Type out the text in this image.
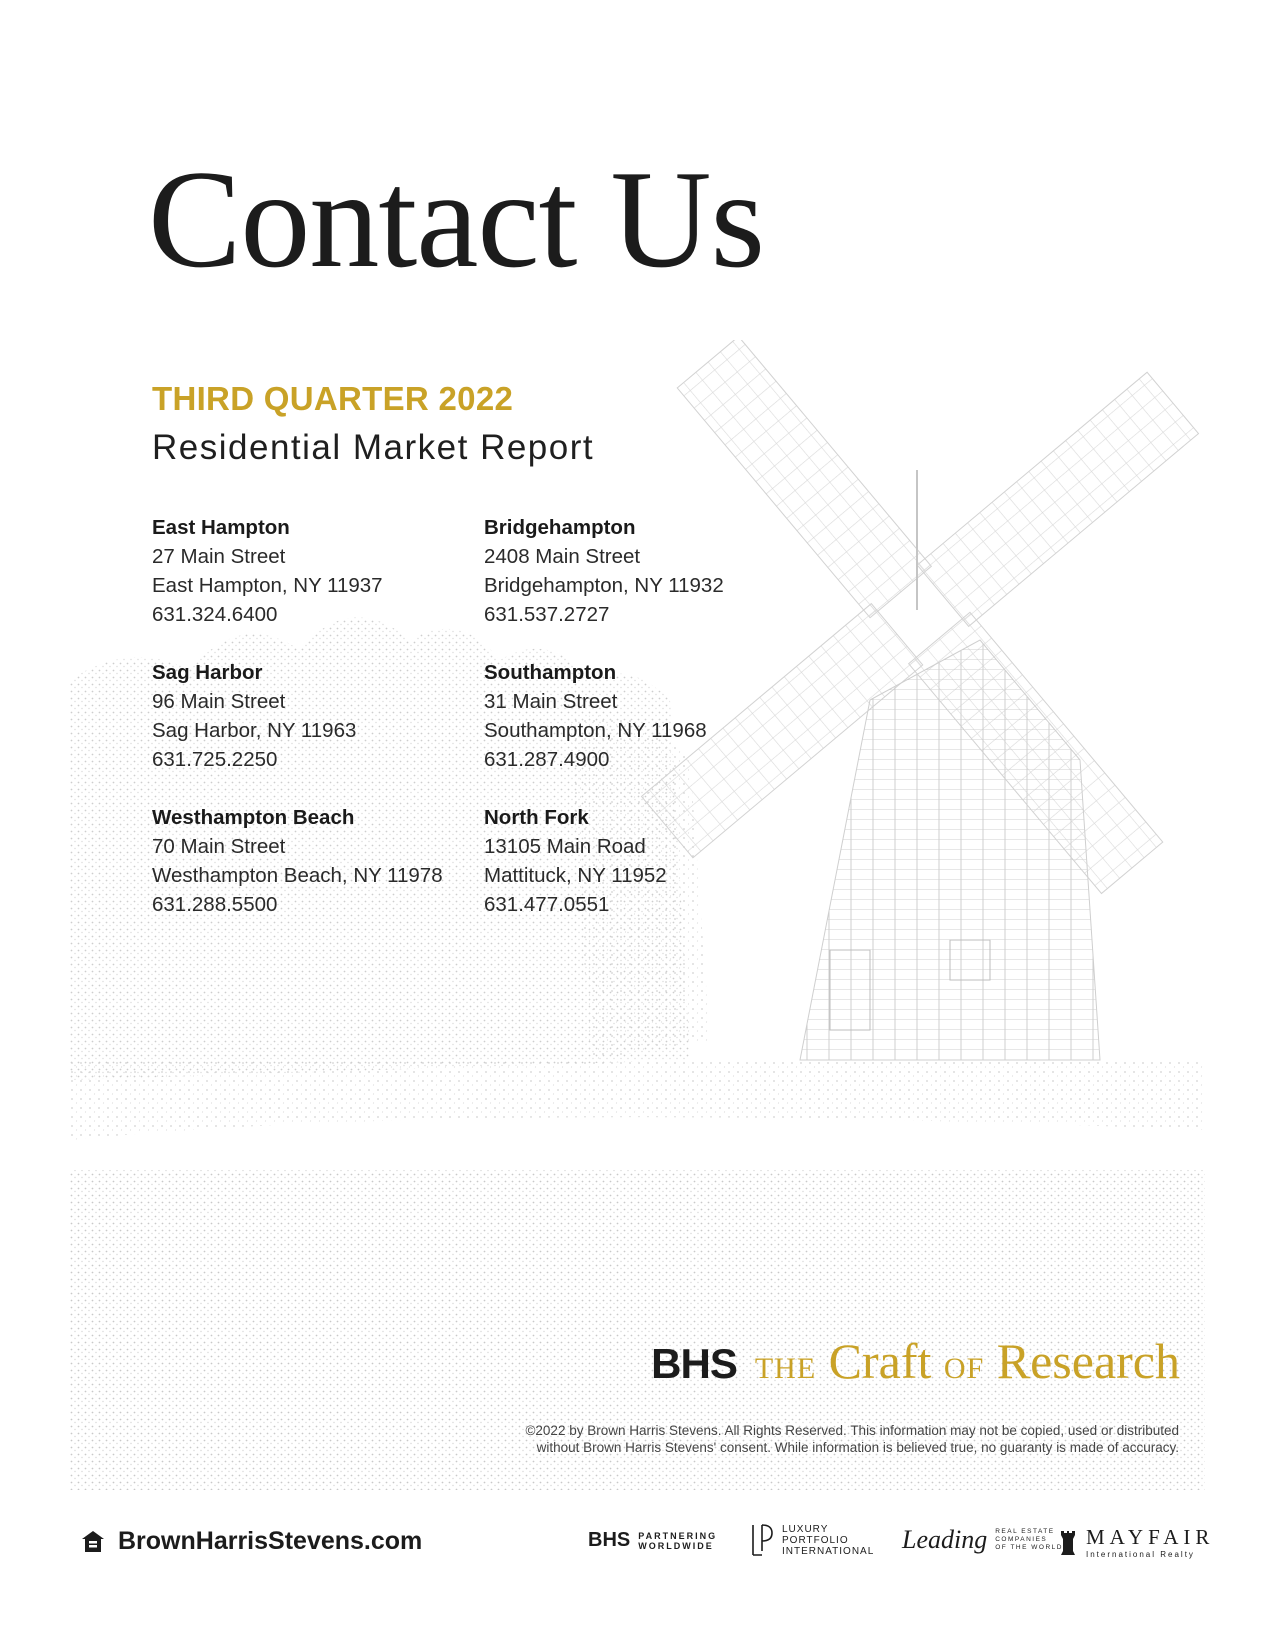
Contact Us
THIRD QUARTER 2022
Residential Market Report
East Hampton
27 Main Street
East Hampton, NY 11937
631.324.6400
Bridgehampton
2408 Main Street
Bridgehampton, NY 11932
631.537.2727
Sag Harbor
96 Main Street
Sag Harbor, NY 11963
631.725.2250
Southampton
31 Main Street
Southampton, NY 11968
631.287.4900
Westhampton Beach
70 Main Street
Westhampton Beach, NY 11978
631.288.5500
North Fork
13105 Main Road
Mattituck, NY 11952
631.477.0551
BHS THE Craft OF Research
©2022 by Brown Harris Stevens. All Rights Reserved. This information may not be copied, used or distributed
without Brown Harris Stevens' consent. While information is believed true, no guaranty is made of accuracy.
BrownHarrisStevens.com	BHS PARTNERING
WORLDWIDE
LUXURY
PORTFOLIO
INTERNATIONAL Leading REAL ESTATE
COMPANIES
OF THE WORLD MAYFAIR
International Realty
